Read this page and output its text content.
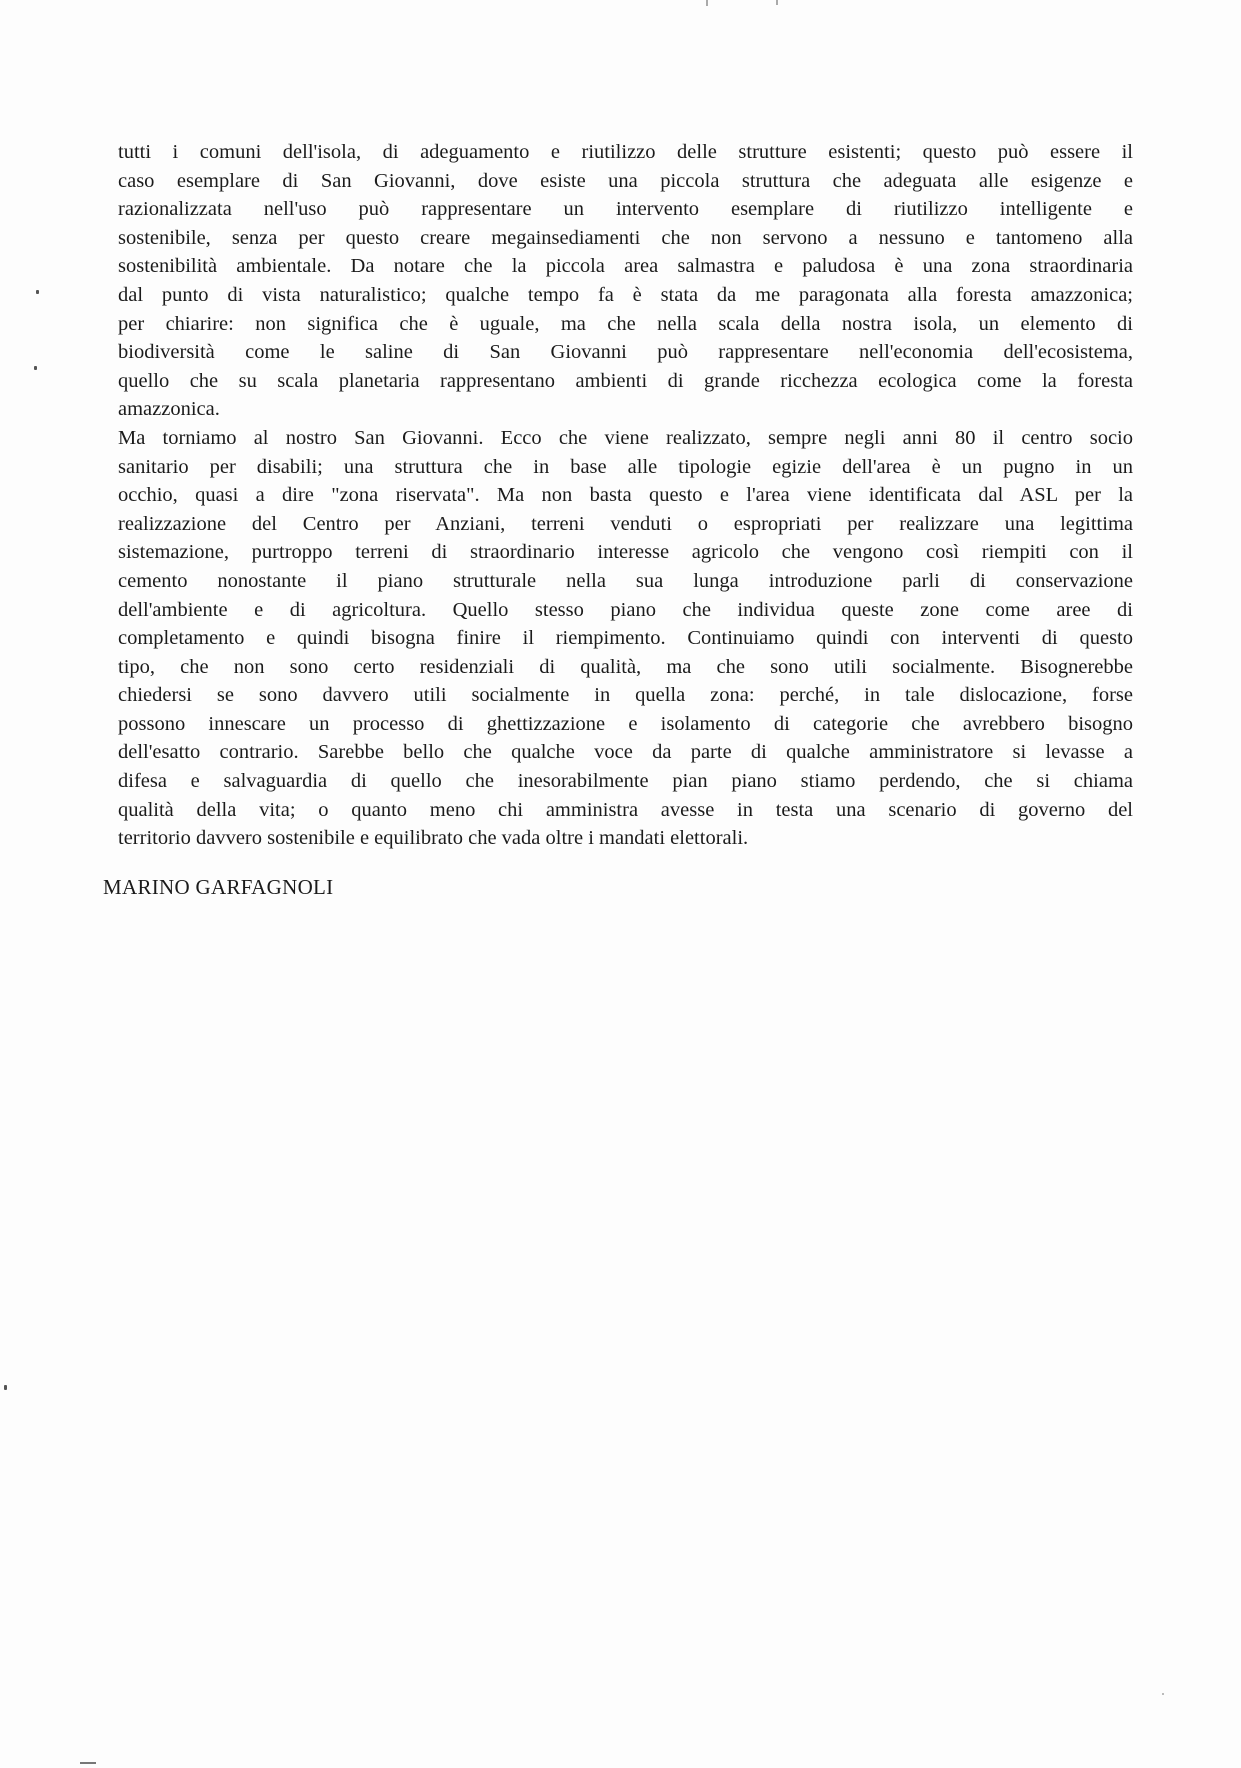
tutti i comuni dell'isola, di adeguamento e riutilizzo delle strutture esistenti; questo può essere il
caso esemplare di San Giovanni, dove esiste una piccola struttura che adeguata alle esigenze e
razionalizzata nell'uso può rappresentare un intervento esemplare di riutilizzo intelligente e
sostenibile, senza per questo creare megainsediamenti che non servono a nessuno e tantomeno alla
sostenibilità ambientale. Da notare che la piccola area salmastra e paludosa è una zona straordinaria
dal punto di vista naturalistico; qualche tempo fa è stata da me paragonata alla foresta amazzonica;
per chiarire: non significa che è uguale, ma che nella scala della nostra isola, un elemento di
biodiversità come le saline di San Giovanni può rappresentare nell'economia dell'ecosistema,
quello che su scala planetaria rappresentano ambienti di grande ricchezza ecologica come la foresta
amazzonica.
Ma torniamo al nostro San Giovanni. Ecco che viene realizzato, sempre negli anni 80 il centro socio
sanitario per disabili; una struttura che in base alle tipologie egizie dell'area è un pugno in un
occhio, quasi a dire "zona riservata". Ma non basta questo e l'area viene identificata dal ASL per la
realizzazione del Centro per Anziani, terreni venduti o espropriati per realizzare una legittima
sistemazione, purtroppo terreni di straordinario interesse agricolo che vengono così riempiti con il
cemento nonostante il piano strutturale nella sua lunga introduzione parli di conservazione
dell'ambiente e di agricoltura. Quello stesso piano che individua queste zone come aree di
completamento e quindi bisogna finire il riempimento. Continuiamo quindi con interventi di questo
tipo, che non sono certo residenziali di qualità, ma che sono utili socialmente. Bisognerebbe
chiedersi se sono davvero utili socialmente in quella zona: perché, in tale dislocazione, forse
possono innescare un processo di ghettizzazione e isolamento di categorie che avrebbero bisogno
dell'esatto contrario. Sarebbe bello che qualche voce da parte di qualche amministratore si levasse a
difesa e salvaguardia di quello che inesorabilmente pian piano stiamo perdendo, che si chiama
qualità della vita; o quanto meno chi amministra avesse in testa una scenario di governo del
territorio davvero sostenibile e equilibrato che vada oltre i mandati elettorali.
MARINO GARFAGNOLI
